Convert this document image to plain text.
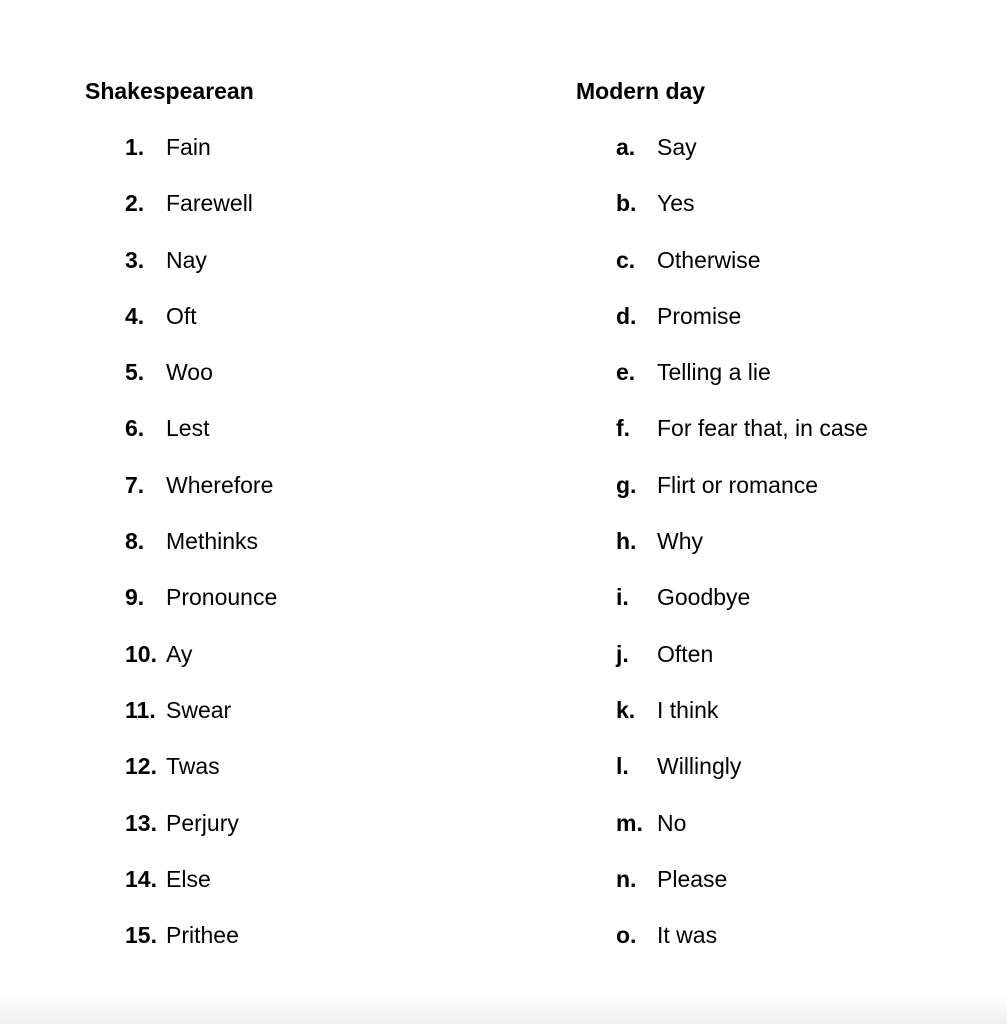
Shakespearean
1. Fain
2. Farewell
3. Nay
4. Oft
5. Woo
6. Lest
7. Wherefore
8. Methinks
9. Pronounce
10. Ay
11. Swear
12. Twas
13. Perjury
14. Else
15. Prithee
Modern day
a. Say
b. Yes
c. Otherwise
d. Promise
e. Telling a lie
f. For fear that, in case
g. Flirt or romance
h. Why
i. Goodbye
j. Often
k. I think
l. Willingly
m. No
n. Please
o. It was
